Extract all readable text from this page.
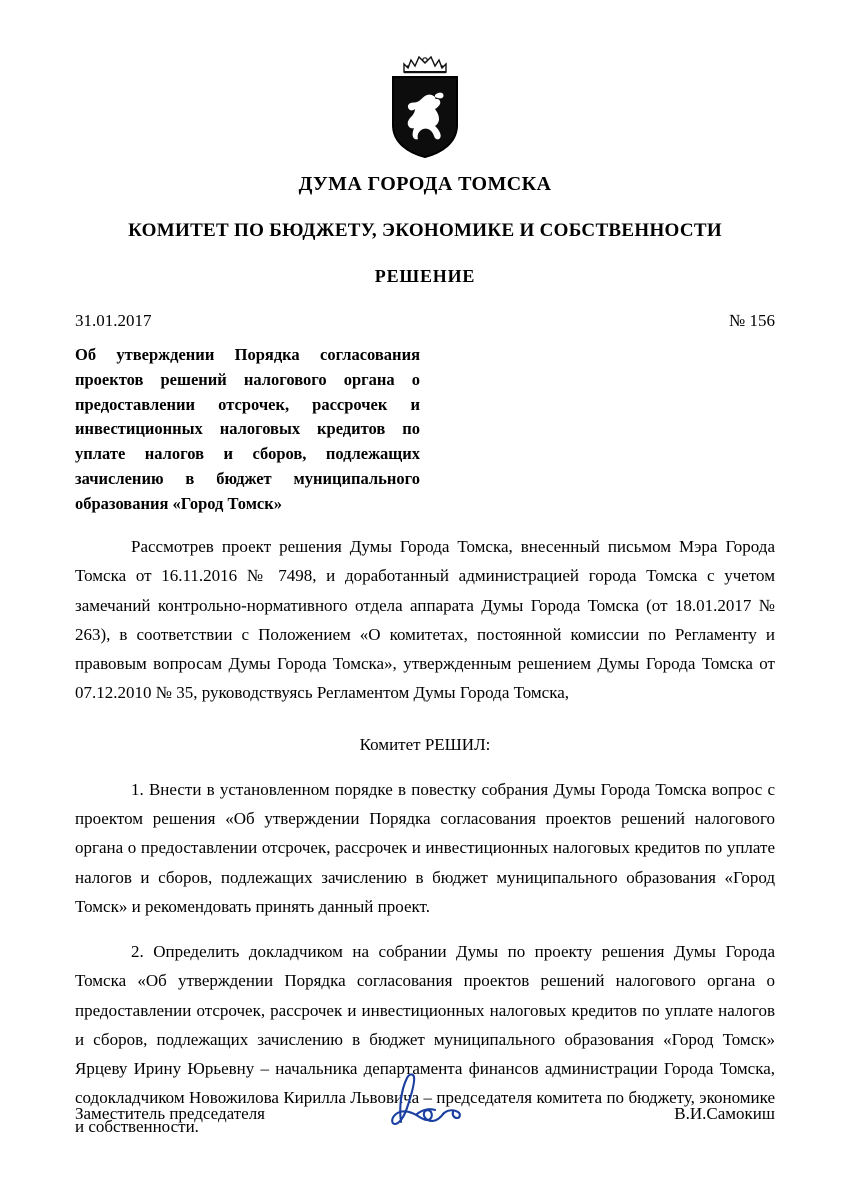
ДУМА ГОРОДА ТОМСКА
КОМИТЕТ ПО БЮДЖЕТУ, ЭКОНОМИКЕ И СОБСТВЕННОСТИ
РЕШЕНИЕ
31.01.2017	№ 156
Об утверждении Порядка согласования проектов решений налогового органа о предоставлении отсрочек, рассрочек и инвестиционных налоговых кредитов по уплате налогов и сборов, подлежащих зачислению в бюджет муниципального образования «Город Томск»
Рассмотрев проект решения Думы Города Томска, внесенный письмом Мэра Города Томска от 16.11.2016 № 7498, и доработанный администрацией города Томска с учетом замечаний контрольно-нормативного отдела аппарата Думы Города Томска (от 18.01.2017 № 263), в соответствии с Положением «О комитетах, постоянной комиссии по Регламенту и правовым вопросам Думы Города Томска», утвержденным решением Думы Города Томска от 07.12.2010 № 35, руководствуясь Регламентом Думы Города Томска,
Комитет РЕШИЛ:
1. Внести в установленном порядке в повестку собрания Думы Города Томска вопрос с проектом решения «Об утверждении Порядка согласования проектов решений налогового органа о предоставлении отсрочек, рассрочек и инвестиционных налоговых кредитов по уплате налогов и сборов, подлежащих зачислению в бюджет муниципального образования «Город Томск» и рекомендовать принять данный проект.
2. Определить докладчиком на собрании Думы по проекту решения Думы Города Томска «Об утверждении Порядка согласования проектов решений налогового органа о предоставлении отсрочек, рассрочек и инвестиционных налоговых кредитов по уплате налогов и сборов, подлежащих зачислению в бюджет муниципального образования «Город Томск» Ярцеву Ирину Юрьевну – начальника департамента финансов администрации Города Томска, содокладчиком Новожилова Кирилла Львовича – председателя комитета по бюджету, экономике и собственности.
Заместитель председателя	В.И.Самокиш
